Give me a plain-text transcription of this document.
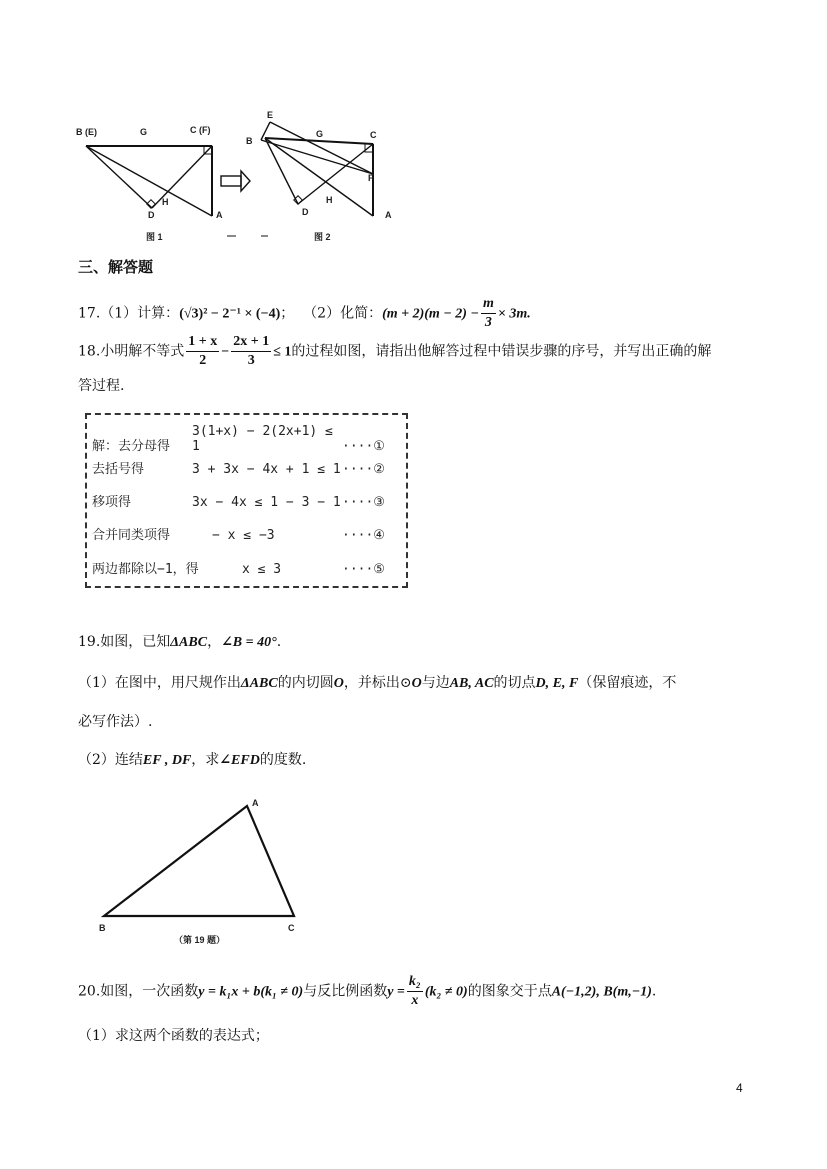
B (E)	G	C (F)
D
H
A
图 1
E
B
G	C
F
D
H
A
图 2
三、解答题
17.（1）计算：(√3)² − 2⁻¹ × (−4)； （2）化简：$(m + 2)(m - 2) - \frac{m}{3} \times 3m$.
18.小明解不等式 $\frac{1 + x}{2} - \frac{2x + 1}{3} \le 1$的过程如图，请指出他解答过程中错误步骤的序号，并写出正确的解
答过程.
解：去分母得3(1+x) − 2(2x+1) ≤ 1	····①
去括号得	3 + 3x − 4x + 1 ≤ 1····②
移项得	3x − 4x ≤ 1 − 3 − 1····③
合并同类项得	− x ≤ −3	····④
两边都除以−1，得	x ≤ 3	····⑤
19.如图，已知ΔABC，∠B = 40°.
（1）在图中，用尺规作出ΔABC的内切圆O，并标出⊙O与边AB, AC的切点D, E, F（保留痕迹，不
必写作法）.
（2）连结EF , DF，求∠EFD的度数.
A
B	C
（第 19 题）
20.如图，一次函数y = k₁x + b(k₁ ≠ 0)与反比例函数$y = \frac{\text{k₂}}{x} (k_2 \ne 0)$的图象交于点A(−1,2), B(m,−1).
（1）求这两个函数的表达式；
4
